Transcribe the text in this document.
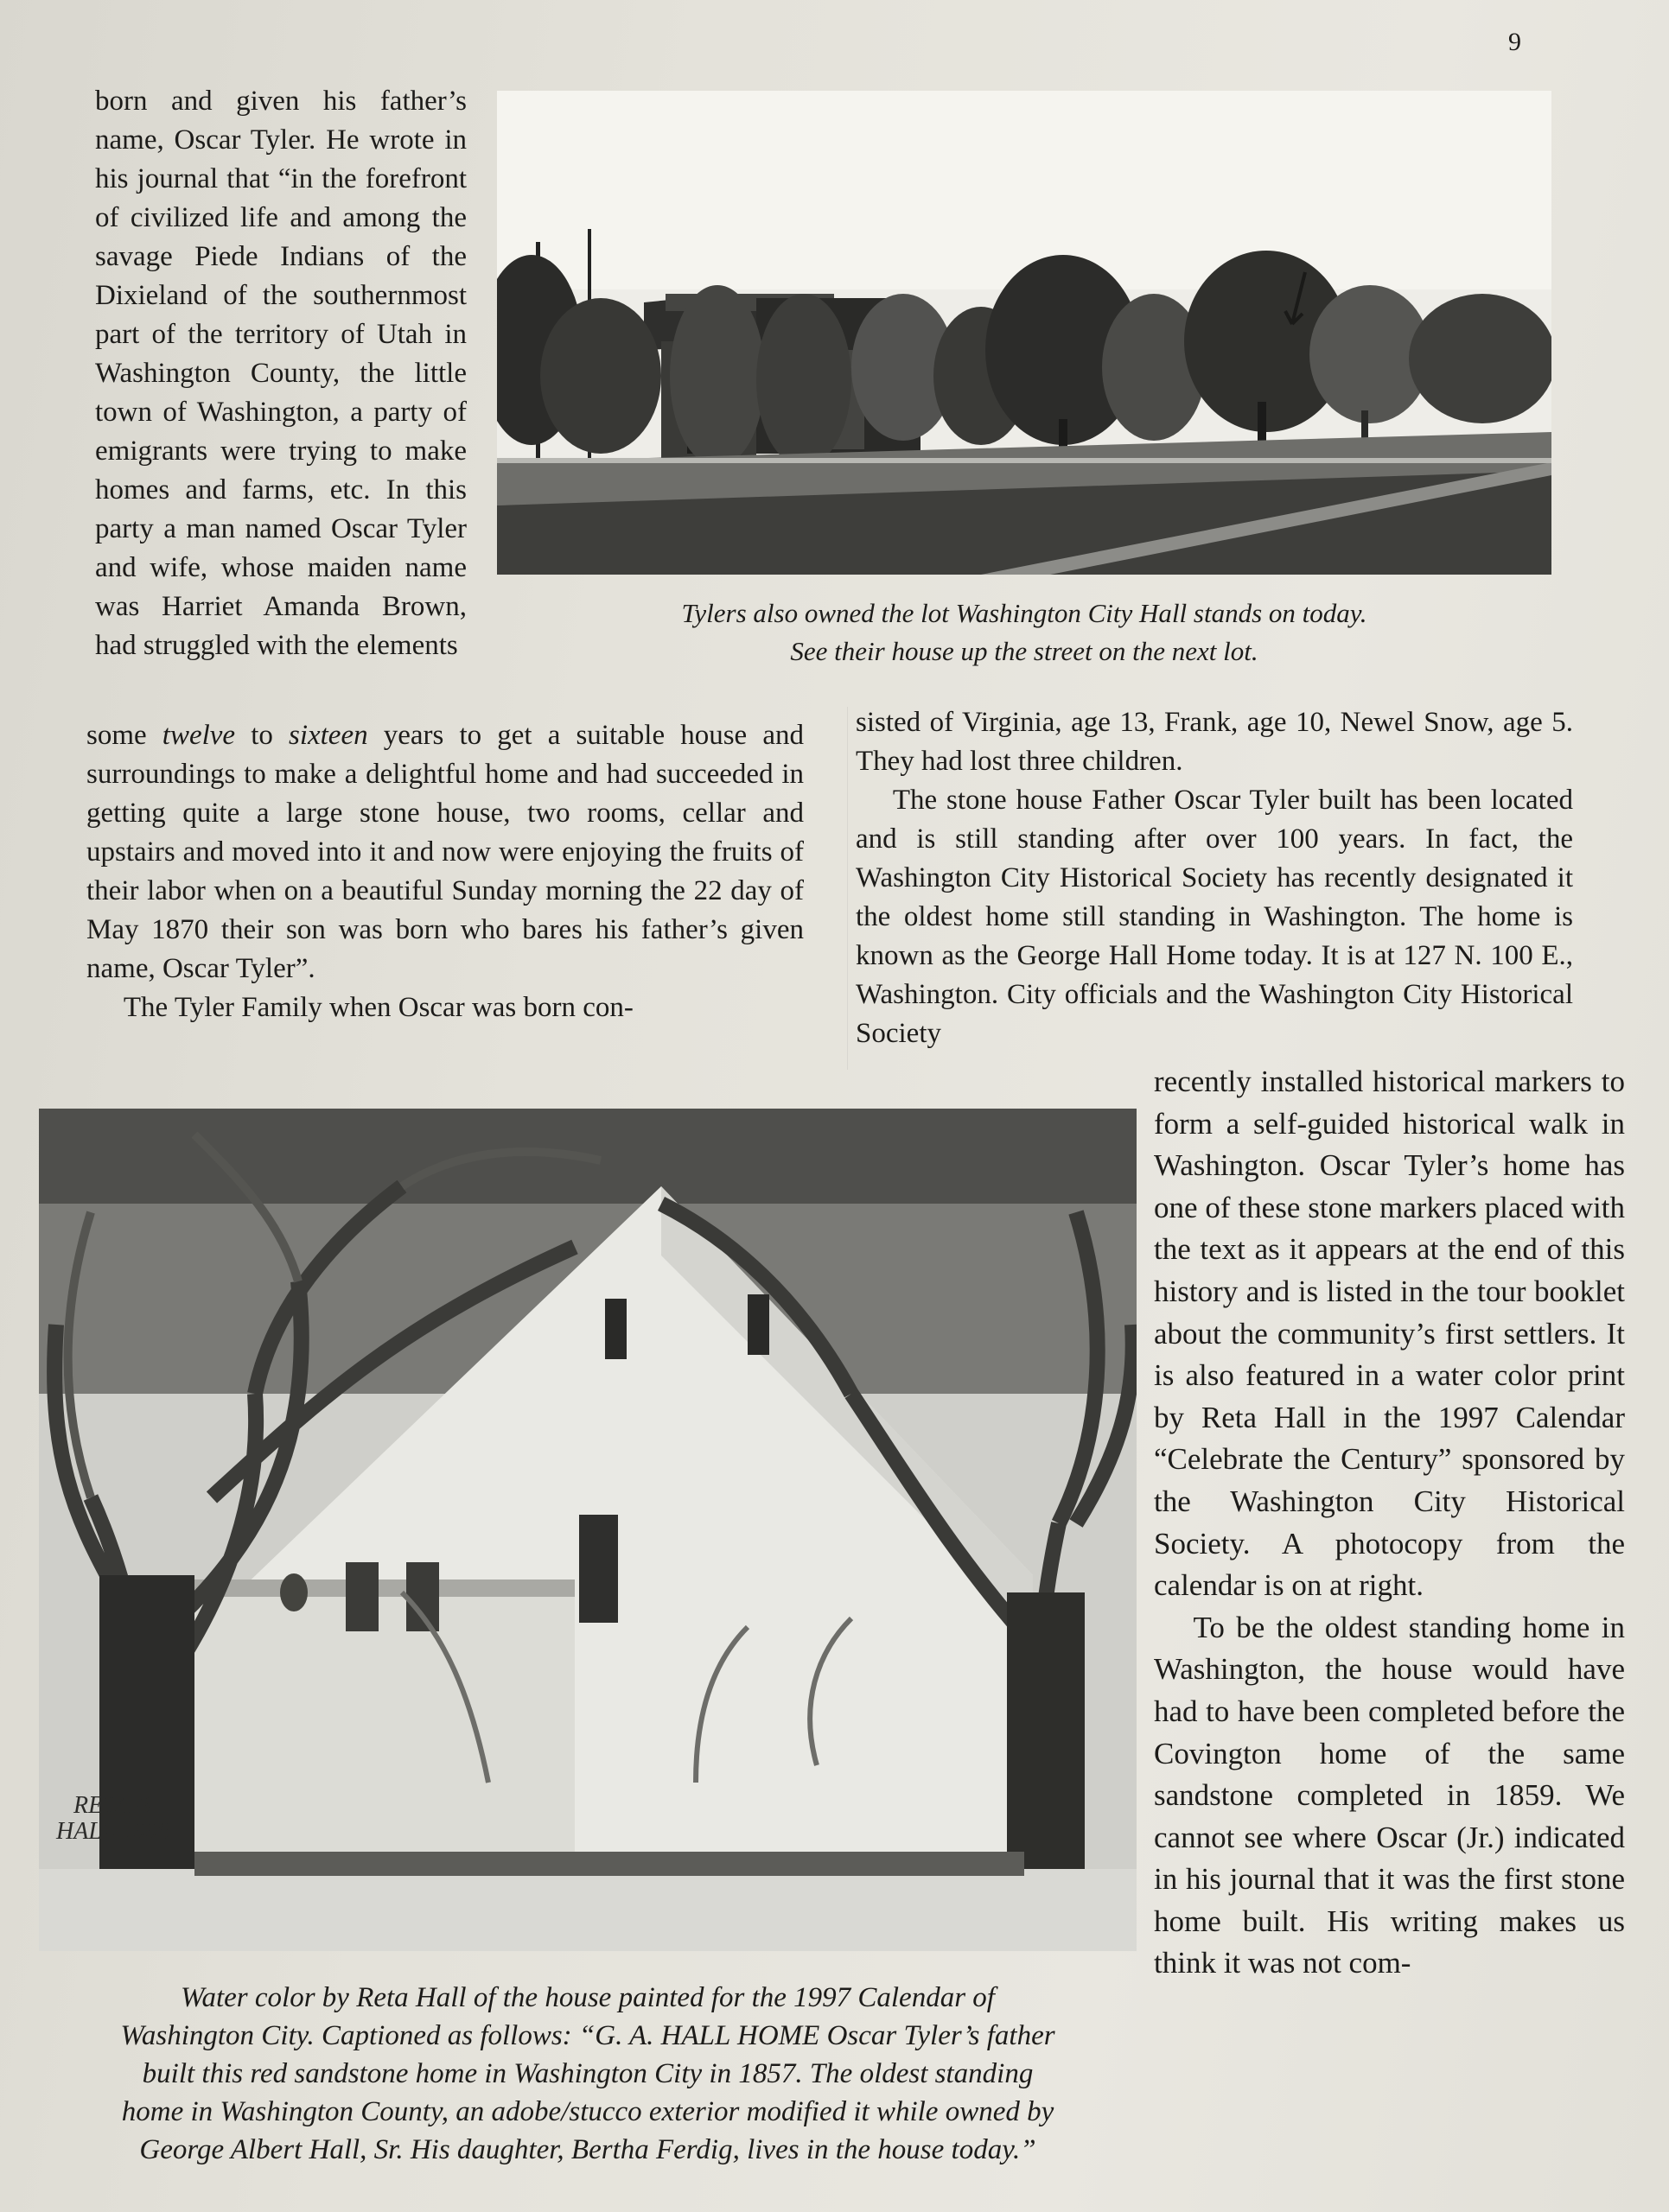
9

born and given his father’s name, Oscar Tyler. He wrote in his journal that “in the forefront of civilized life and among the savage Piede Indians of the Dixieland of the southernmost part of the territory of Utah in Washington County, the little town of Washington, a party of emigrants were trying to make homes and farms, etc. In this party a man named Oscar Tyler and wife, whose maiden name was Harriet Amanda Brown, had struggled with the elements

Tylers also owned the lot Washington City Hall stands on today.
See their house up the street on the next lot.

some twelve to sixteen years to get a suitable house and surroundings to make a delightful home and had succeeded in getting quite a large stone house, two rooms, cellar and upstairs and moved into it and now were enjoying the fruits of their labor when on a beautiful Sunday morning the 22 day of May 1870 their son was born who bares his father’s given name, Oscar Tyler”.

The Tyler Family when Oscar was born con-

sisted of Virginia, age 13, Frank, age 10, Newel Snow, age 5. They had lost three children.

The stone house Father Oscar Tyler built has been located and is still standing after over 100 years. In fact, the Washington City Historical Society has recently designated it the oldest home still standing in Washington. The home is known as the George Hall Home today. It is at 127 N. 100 E., Washington. City officials and the Washington City Historical Society

RETA B
HALL 1996
Water color by Reta Hall of the house painted for the 1997 Calendar of
Washington City. Captioned as follows: “G. A. HALL HOME Oscar Tyler’s father
built this red sandstone home in Washington City in 1857. The oldest standing
home in Washington County, an adobe/stucco exterior modified it while owned by
George Albert Hall, Sr. His daughter, Bertha Ferdig, lives in the house today.”

recently installed historical markers to form a self-guided historical walk in Washington. Oscar Tyler’s home has one of these stone markers placed with the text as it appears at the end of this history and is listed in the tour booklet about the community’s first settlers. It is also featured in a water color print by Reta Hall in the 1997 Calendar “Celebrate the Century” sponsored by the Washington City Historical Society. A photocopy from the calendar is on at right.

To be the oldest standing home in Washington, the house would have had to have been completed before the Covington home of the same sandstone completed in 1859. We cannot see where Oscar (Jr.) indicated in his journal that it was the first stone home built. His writing makes us think it was not com-
